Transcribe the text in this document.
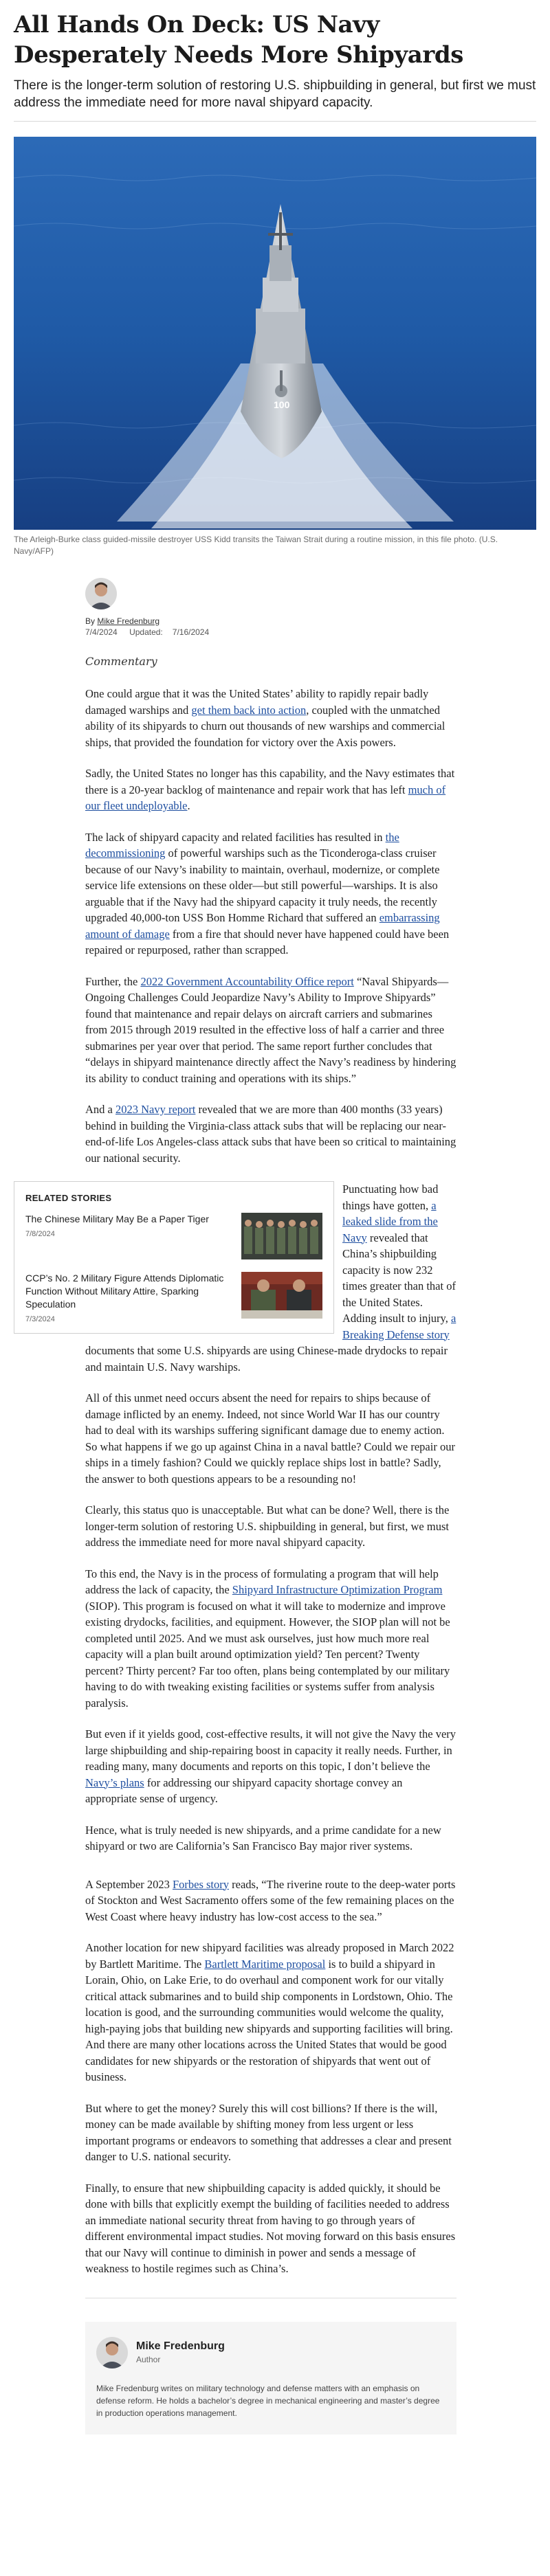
All Hands On Deck: US Navy Desperately Needs More Shipyards
There is the longer-term solution of restoring U.S. shipbuilding in general, but first we must address the immediate need for more naval shipyard capacity.
100
The Arleigh-Burke class guided-missile destroyer USS Kidd transits the Taiwan Strait during a routine mission, in this file photo. (U.S. Navy/AFP)
By Mike Fredenburg
7/4/2024 Updated: 7/16/2024
Commentary

One could argue that it was the United States’ ability to rapidly repair badly damaged warships and get them back into action, coupled with the unmatched ability of its shipyards to churn out thousands of new warships and commercial ships, that provided the foundation for victory over the Axis powers.

Sadly, the United States no longer has this capability, and the Navy estimates that there is a 20-year backlog of maintenance and repair work that has left much of our fleet undeployable.

The lack of shipyard capacity and related facilities has resulted in the decommissioning of powerful warships such as the Ticonderoga-class cruiser because of our Navy’s inability to maintain, overhaul, modernize, or complete service life extensions on these older—but still powerful—warships. It is also arguable that if the Navy had the shipyard capacity it truly needs, the recently upgraded 40,000-ton USS Bon Homme Richard that suffered an embarrassing amount of damage from a fire that should never have happened could have been repaired or repurposed, rather than scrapped.

Further, the 2022 Government Accountability Office report “Naval Shipyards—Ongoing Challenges Could Jeopardize Navy’s Ability to Improve Shipyards” found that maintenance and repair delays on aircraft carriers and submarines from 2015 through 2019 resulted in the effective loss of half a carrier and three submarines per year over that period. The same report further concludes that “delays in shipyard maintenance directly affect the Navy’s readiness by hindering its ability to conduct training and operations with its ships.”

And a 2023 Navy report revealed that we are more than 400 months (33 years) behind in building the Virginia-class attack subs that will be replacing our near-end-of-life Los Angeles-class attack subs that have been so critical to maintaining our national security.

RELATED STORIES
The Chinese Military May Be a Paper Tiger
7/8/2024
CCP’s No. 2 Military Figure Attends Diplomatic Function Without Military Attire, Sparking Speculation
7/3/2024

Punctuating how bad things have gotten, a leaked slide from the Navy revealed that China’s shipbuilding capacity is now 232 times greater than that of the United States. Adding insult to injury, a Breaking Defense story documents that some U.S. shipyards are using Chinese-made drydocks to repair and maintain U.S. Navy warships.

All of this unmet need occurs absent the need for repairs to ships because of damage inflicted by an enemy. Indeed, not since World War II has our country had to deal with its warships suffering significant damage due to enemy action. So what happens if we go up against China in a naval battle? Could we repair our ships in a timely fashion? Could we quickly replace ships lost in battle? Sadly, the answer to both questions appears to be a resounding no!

Clearly, this status quo is unacceptable. But what can be done? Well, there is the longer-term solution of restoring U.S. shipbuilding in general, but first, we must address the immediate need for more naval shipyard capacity.

To this end, the Navy is in the process of formulating a program that will help address the lack of capacity, the Shipyard Infrastructure Optimization Program (SIOP). This program is focused on what it will take to modernize and improve existing drydocks, facilities, and equipment. However, the SIOP plan will not be completed until 2025. And we must ask ourselves, just how much more real capacity will a plan built around optimization yield? Ten percent? Twenty percent? Thirty percent? Far too often, plans being contemplated by our military having to do with tweaking existing facilities or systems suffer from analysis paralysis.

But even if it yields good, cost-effective results, it will not give the Navy the very large shipbuilding and ship-repairing boost in capacity it really needs. Further, in reading many, many documents and reports on this topic, I don’t believe the Navy’s plans for addressing our shipyard capacity shortage convey an appropriate sense of urgency.

Hence, what is truly needed is new shipyards, and a prime candidate for a new shipyard or two are California’s San Francisco Bay major river systems.

A September 2023 Forbes story reads, “The riverine route to the deep-water ports of Stockton and West Sacramento offers some of the few remaining places on the West Coast where heavy industry has low-cost access to the sea.”

Another location for new shipyard facilities was already proposed in March 2022 by Bartlett Maritime. The Bartlett Maritime proposal is to build a shipyard in Lorain, Ohio, on Lake Erie, to do overhaul and component work for our vitally critical attack submarines and to build ship components in Lordstown, Ohio. The location is good, and the surrounding communities would welcome the quality, high-paying jobs that building new shipyards and supporting facilities will bring. And there are many other locations across the United States that would be good candidates for new shipyards or the restoration of shipyards that went out of business.

But where to get the money? Surely this will cost billions? If there is the will, money can be made available by shifting money from less urgent or less important programs or endeavors to something that addresses a clear and present danger to U.S. national security.

Finally, to ensure that new shipbuilding capacity is added quickly, it should be done with bills that explicitly exempt the building of facilities needed to address an immediate national security threat from having to go through years of different environmental impact studies. Not moving forward on this basis ensures that our Navy will continue to diminish in power and sends a message of weakness to hostile regimes such as China’s.

Mike Fredenburg
Author
Mike Fredenburg writes on military technology and defense matters with an emphasis on defense reform. He holds a bachelor’s degree in mechanical engineering and master’s degree in production operations management.
